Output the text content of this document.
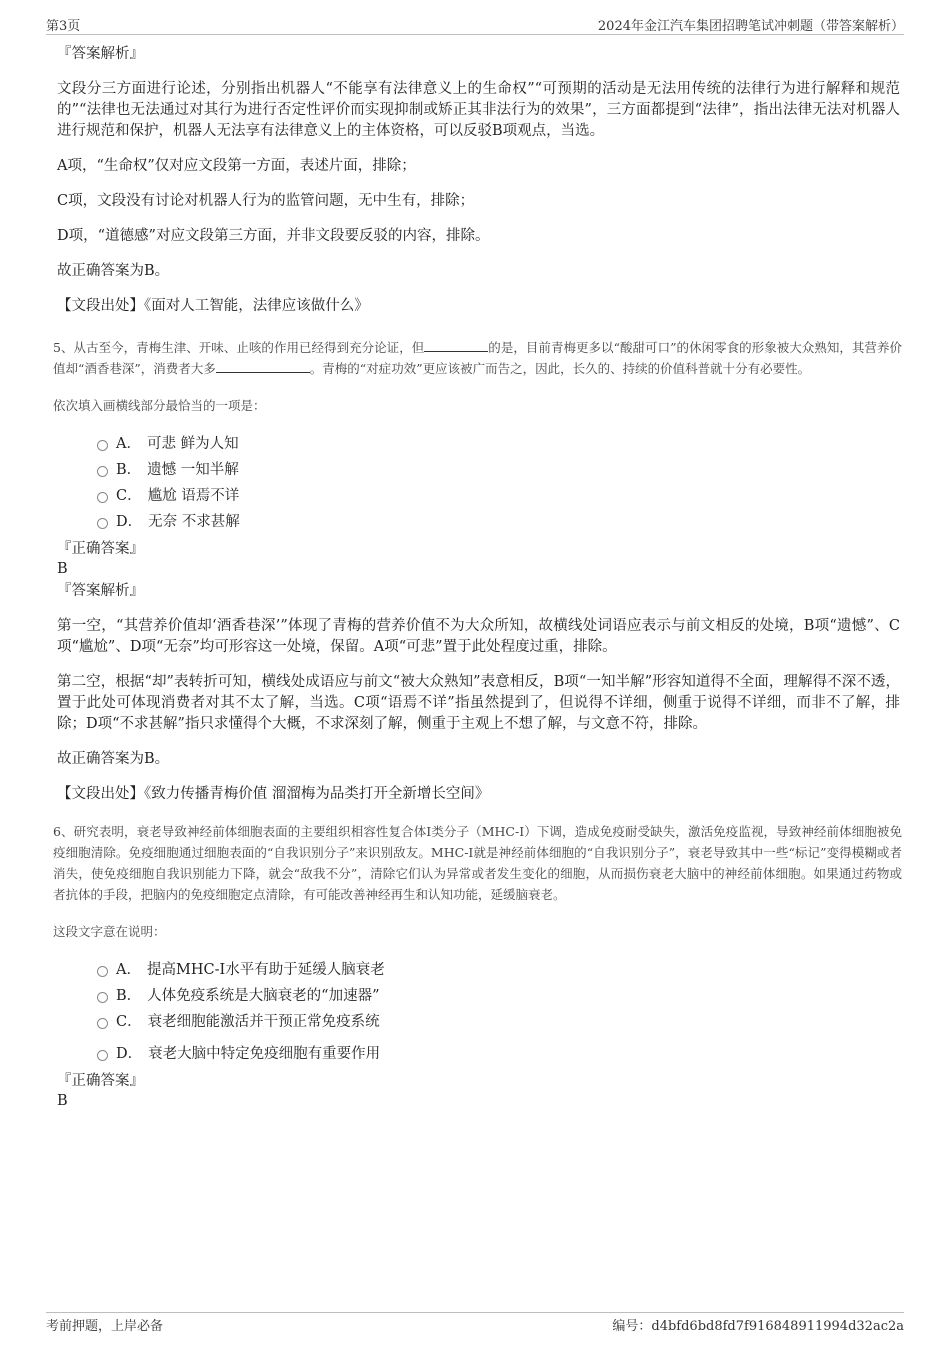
第3页	2024年金江汽车集团招聘笔试冲刺题（带答案解析）
『答案解析』

文段分三方面进行论述，分别指出机器人“不能享有法律意义上的生命权”“可预期的活动是无法用传统的法律行为进行解释和规范的”“法律也无法通过对其行为进行否定性评价而实现抑制或矫正其非法行为的效果”，三方面都提到“法律”，指出法律无法对机器人进行规范和保护，机器人无法享有法律意义上的主体资格，可以反驳B项观点，当选。

A项，“生命权”仅对应文段第一方面，表述片面，排除；

C项，文段没有讨论对机器人行为的监管问题，无中生有，排除；

D项，“道德感”对应文段第三方面，并非文段要反驳的内容，排除。

故正确答案为B。

【文段出处】《面对人工智能，法律应该做什么》

5、从古至今，青梅生津、开味、止咳的作用已经得到充分论证，但	的是，目前青梅更多以“酸甜可口”的休闲零食的形象被大众熟知，其营养价值却“酒香巷深”，消费者大多	。青梅的“对症功效”更应该被广而告之，因此，长久的、持续的价值科普就十分有必要性。

依次填入画横线部分最恰当的一项是：

A． 可悲 鲜为人知
B． 遗憾 一知半解
C． 尴尬 语焉不详
D． 无奈 不求甚解

『正确答案』

B

『答案解析』

第一空，“其营养价值却‘酒香巷深’”体现了青梅的营养价值不为大众所知，故横线处词语应表示与前文相反的处境，B项“遗憾”、C项“尴尬”、D项“无奈”均可形容这一处境，保留。A项“可悲”置于此处程度过重，排除。

第二空，根据“却”表转折可知，横线处成语应与前文“被大众熟知”表意相反，B项“一知半解”形容知道得不全面，理解得不深不透，置于此处可体现消费者对其不太了解，当选。C项“语焉不详”指虽然提到了，但说得不详细，侧重于说得不详细，而非不了解，排除；D项“不求甚解”指只求懂得个大概，不求深刻了解，侧重于主观上不想了解，与文意不符，排除。

故正确答案为B。

【文段出处】《致力传播青梅价值 溜溜梅为品类打开全新增长空间》

6、研究表明，衰老导致神经前体细胞表面的主要组织相容性复合体I类分子（MHC-I）下调，造成免疫耐受缺失，激活免疫监视，导致神经前体细胞被免疫细胞清除。免疫细胞通过细胞表面的“自我识别分子”来识别敌友。MHC-I就是神经前体细胞的“自我识别分子”，衰老导致其中一些“标记”变得模糊或者消失，使免疫细胞自我识别能力下降，就会“敌我不分”，清除它们认为异常或者发生变化的细胞，从而损伤衰老大脑中的神经前体细胞。如果通过药物或者抗体的手段，把脑内的免疫细胞定点清除，有可能改善神经再生和认知功能，延缓脑衰老。

这段文字意在说明：

A． 提高MHC-I水平有助于延缓人脑衰老
B． 人体免疫系统是大脑衰老的“加速器”
C． 衰老细胞能激活并干预正常免疫系统
D． 衰老大脑中特定免疫细胞有重要作用

『正确答案』

B

考前押题，上岸必备	编号：d4bfd6bd8fd7f916848911994d32ac2a
